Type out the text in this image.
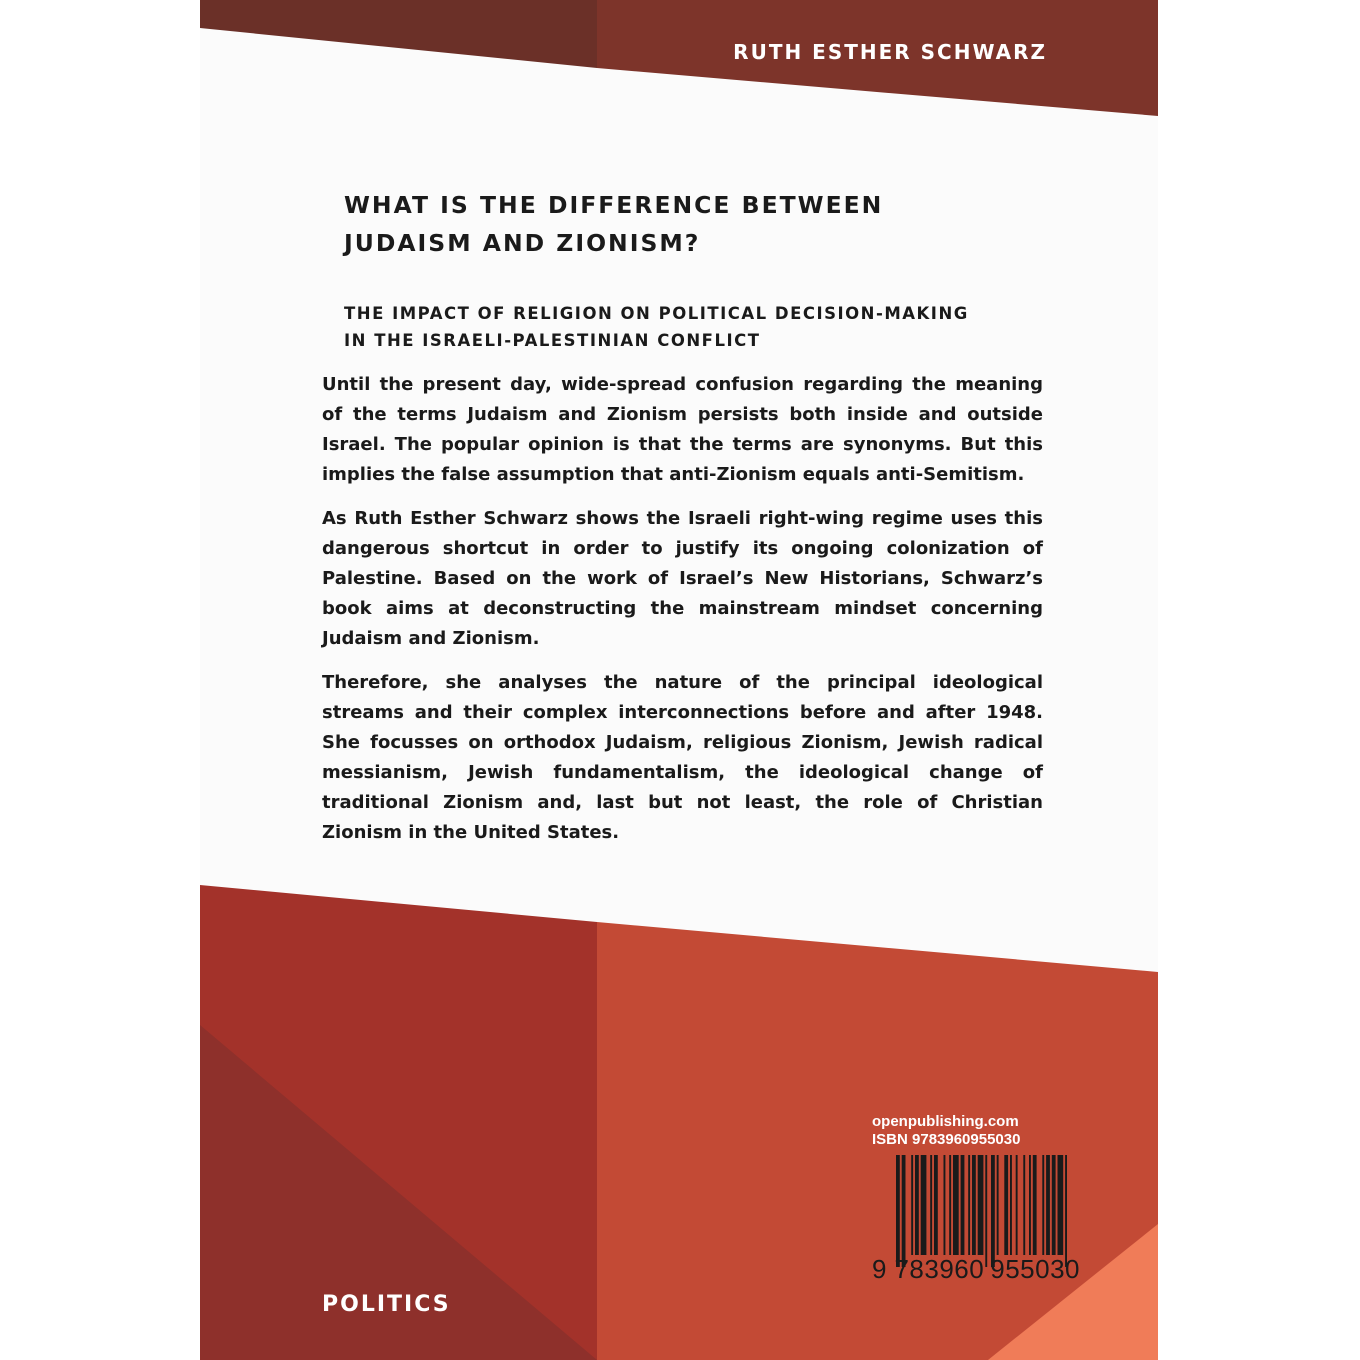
RUTH ESTHER SCHWARZ
WHAT IS THE DIFFERENCE BETWEEN
JUDAISM AND ZIONISM?
THE IMPACT OF RELIGION ON POLITICAL DECISION-MAKING
IN THE ISRAELI-PALESTINIAN CONFLICT

Until the present day, wide-spread confusion regarding the meaning of the terms Judaism and Zionism persists both inside and outside Israel. The popular opinion is that the terms are synonyms. But this implies the false assumption that anti-Zionism equals anti-Semitism.

As Ruth Esther Schwarz shows the Israeli right-wing regime uses this dangerous shortcut in order to justify its ongoing colonization of Palestine. Based on the work of Israel’s New Historians, Schwarz’s book aims at deconstructing the mainstream mindset concerning Judaism and Zionism.

Therefore, she analyses the nature of the principal ideological streams and their complex interconnections before and after 1948. She focusses on orthodox Judaism, religious Zionism, Jewish radical messianism, Jewish fundamentalism, the ideological change of traditional Zionism and, last but not least, the role of Christian Zionism in the United States.

POLITICS
openpublishing.com
ISBN 9783960955030
9 783960 955030
